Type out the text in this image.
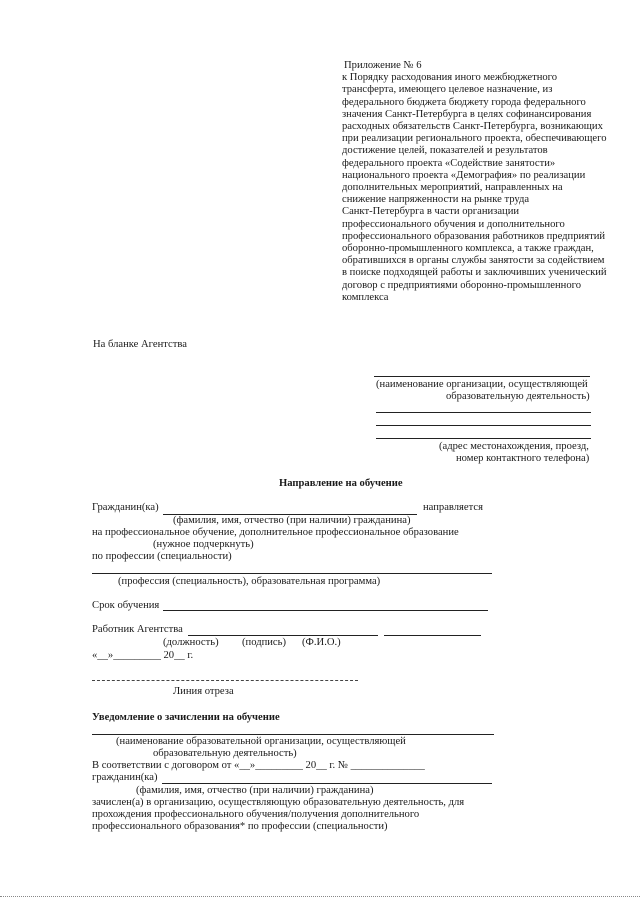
Приложение № 6
к Порядку расходования иного межбюджетного
трансферта, имеющего целевое назначение, из
федерального бюджета бюджету города федерального
значения Санкт-Петербурга в целях софинансирования
расходных обязательств Санкт-Петербурга, возникающих
при реализации регионального проекта, обеспечивающего
достижение целей, показателей и результатов
федерального проекта «Содействие занятости»
национального проекта «Демография» по реализации
дополнительных мероприятий, направленных на
снижение напряженности на рынке труда
Санкт-Петербурга в части организации
профессионального обучения и дополнительного
профессионального образования работников предприятий
оборонно-промышленного комплекса, а также граждан,
обратившихся в органы службы занятости за содействием
в поиске подходящей работы и заключивших ученический
договор с предприятиями оборонно-промышленного
комплекса
На бланке Агентства
(наименование организации, осуществляющей
образовательную деятельность)
(адрес местонахождения, проезд,
номер контактного телефона)
Направление на обучение
Гражданин(ка)	направляется
(фамилия, имя, отчество (при наличии) гражданина)
на профессиональное обучение, дополнительное профессиональное образование
(нужное подчеркнуть)
по профессии (специальности)
(профессия (специальность), образовательная программа)
Срок обучения
Работник Агентства
(должность) (подпись) (Ф.И.О.)
«__»_________ 20__ г.
Линия отреза
Уведомление о зачислении на обучение
(наименование образовательной организации, осуществляющей
образовательную деятельность)
В соответствии с договором от «__»_________ 20__ г. № ______________
гражданин(ка)
(фамилия, имя, отчество (при наличии) гражданина)
зачислен(а) в организацию, осуществляющую образовательную деятельность, для
прохождения профессионального обучения/получения дополнительного
профессионального образования* по профессии (специальности)
